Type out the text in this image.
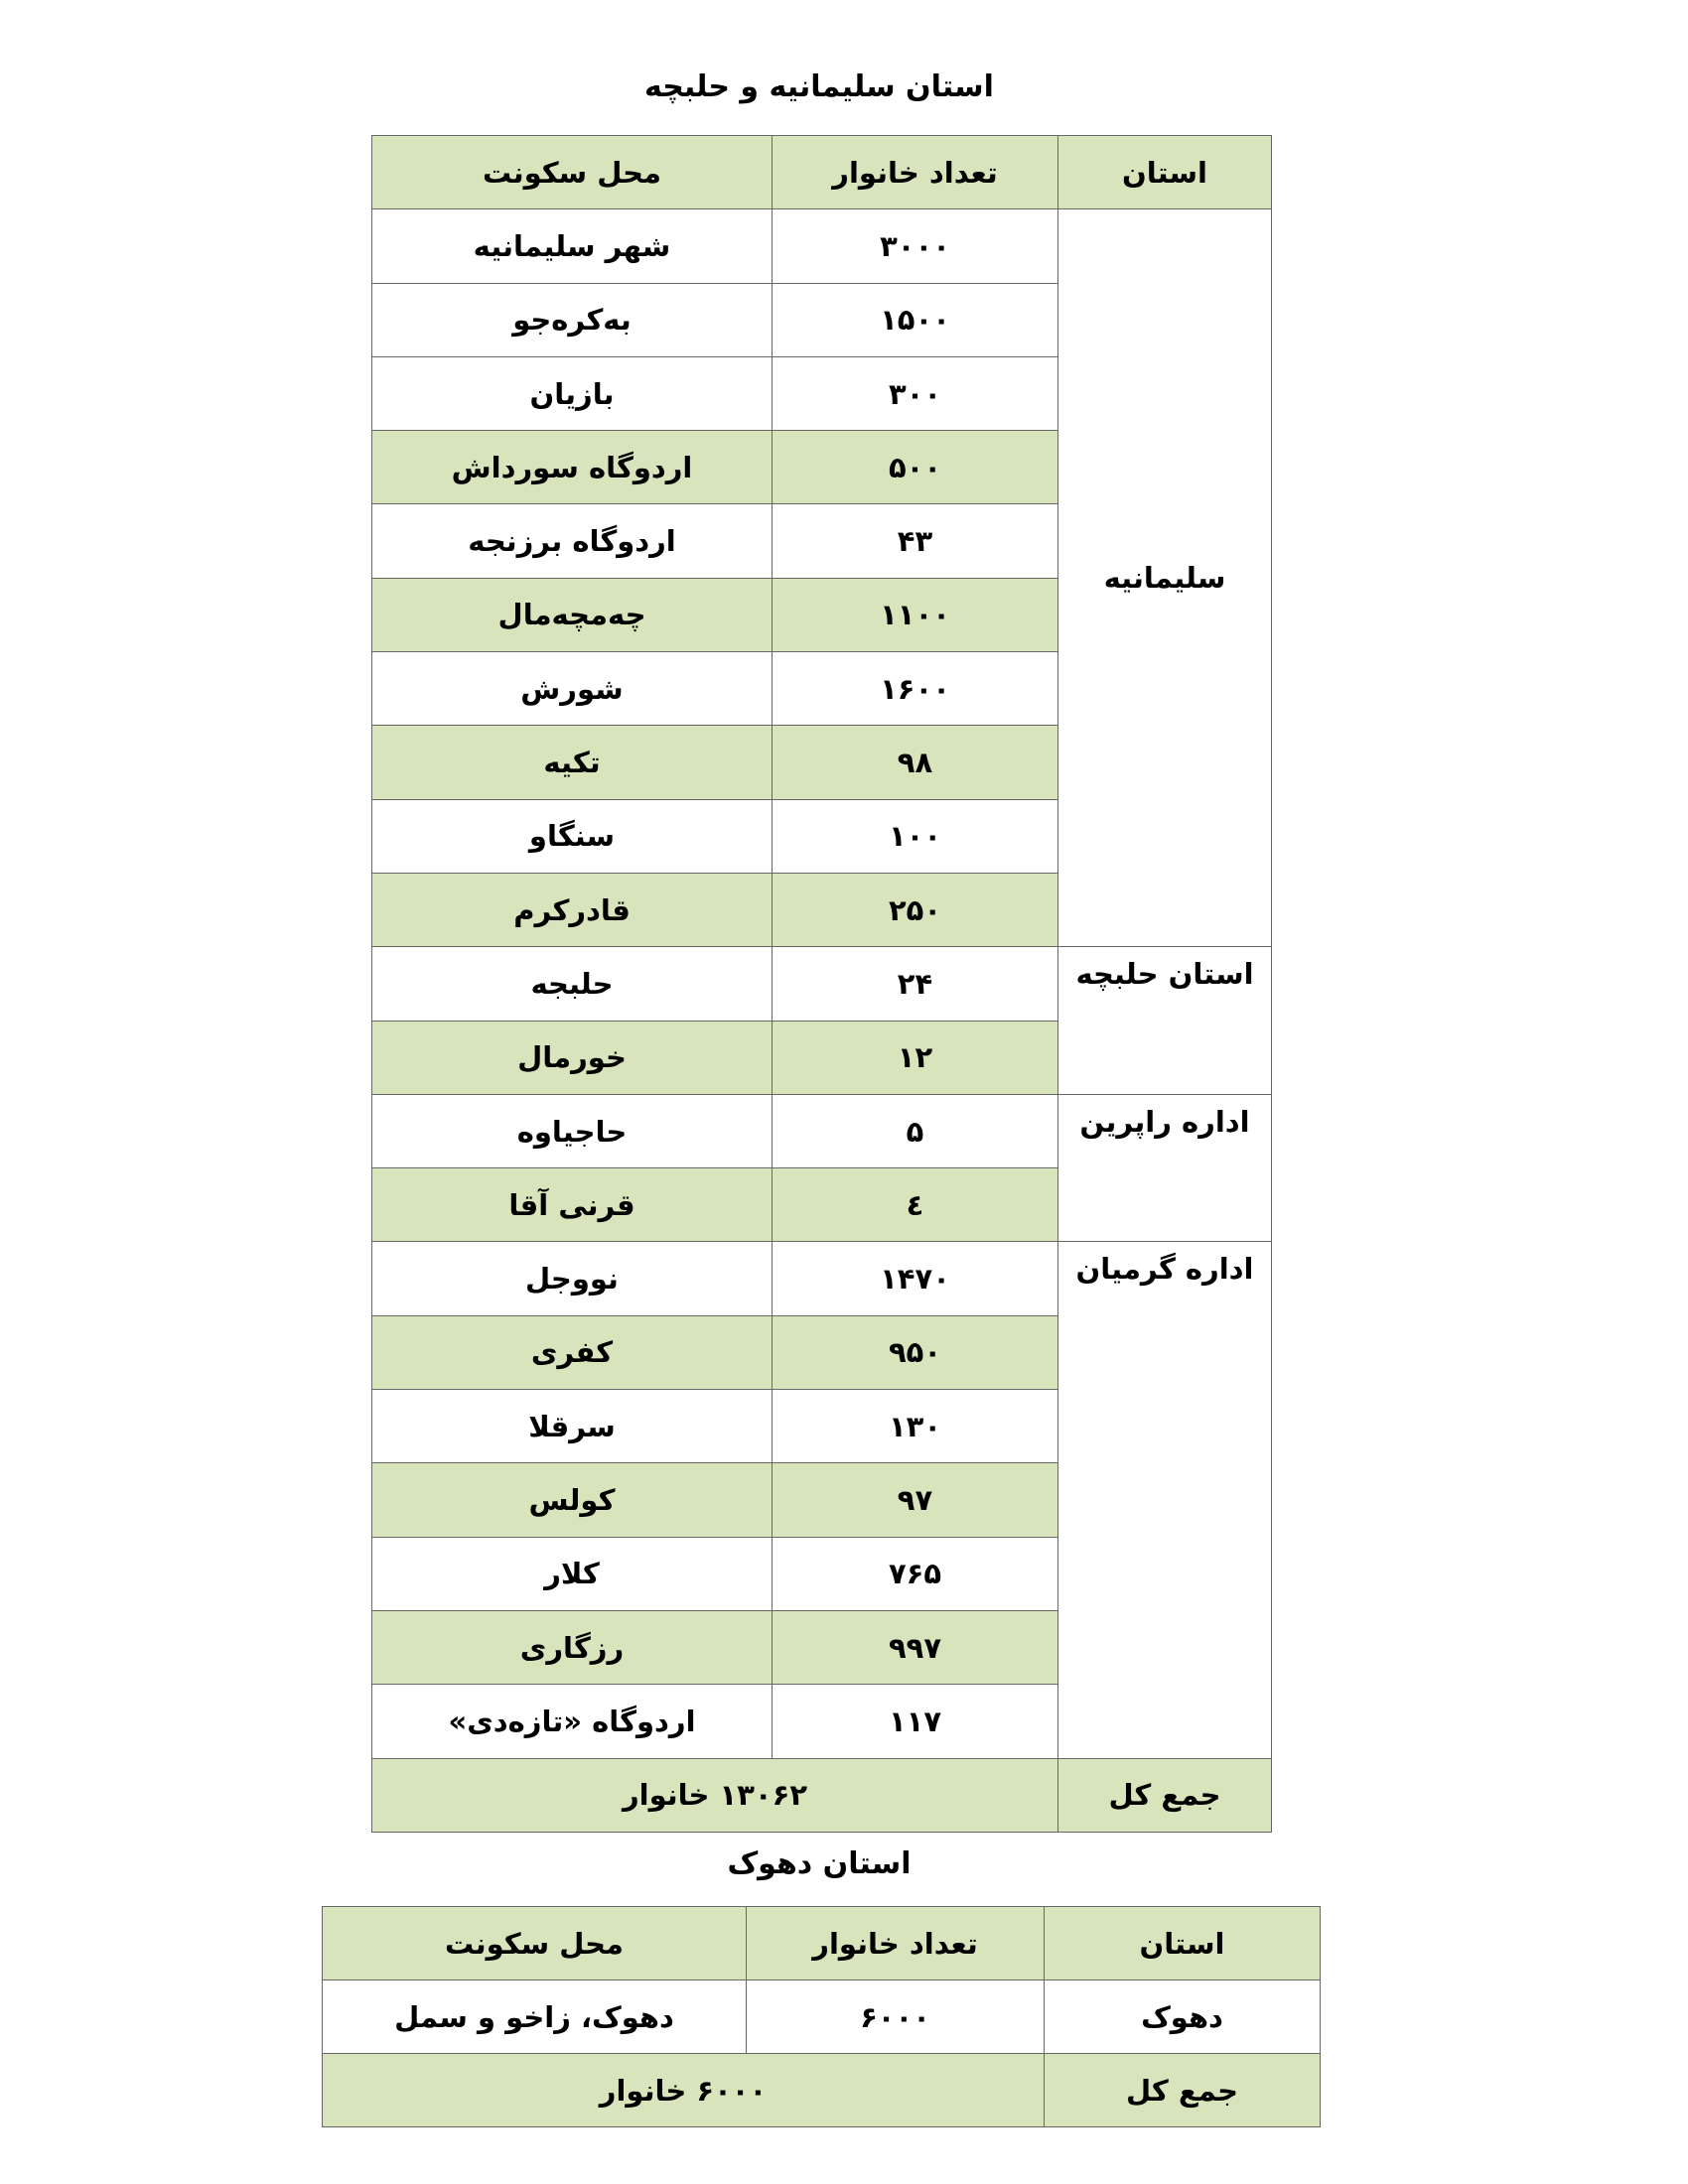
استان سلیمانیه و حلبچه
استان	تعداد خانوار	محل سکونت
سلیمانیه	۳۰۰۰	شهر سلیمانیه
	۱۵۰۰	بەکرەجو
	۳۰۰	بازیان
	۵۰۰	اردوگاه سورداش
	۴۳	اردوگاه برزنجه
	۱۱۰۰	چەمچەمال
	۱۶۰۰	شورش
	۹۸	تکیه
	۱۰۰	سنگاو
	۲۵۰	قادرکرم
استان حلبچه	۲۴	حلبجه
	۱۲	خورمال
اداره راپرین	۵	حاجیاوه
	٤	قرنی آقا
اداره گرمیان	۱۴۷۰	نووجل
	۹۵۰	کفری
	۱۳۰	سرقلا
	۹۷	کولس
	۷۶۵	کلار
	۹۹۷	رزگاری
	۱۱۷	اردوگاه «تازەدی»
جمع کل	۱۳۰۶۲ خانوار	
استان دهوک
استان	تعداد خانوار	محل سکونت
دهوک	۶۰۰۰	دهوک، زاخو و سمل
جمع کل	۶۰۰۰ خانوار	
